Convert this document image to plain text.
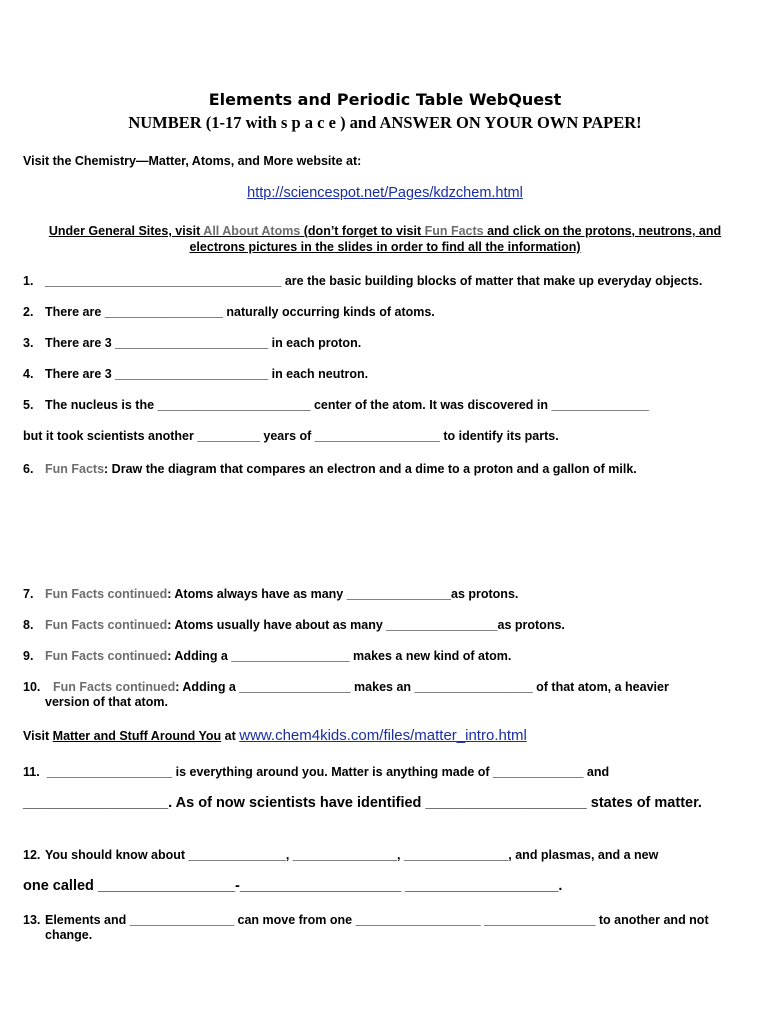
Elements and Periodic Table WebQuest
NUMBER (1-17 with s p a c e ) and ANSWER ON YOUR OWN PAPER!
Visit the Chemistry—Matter, Atoms, and More website at:
http://sciencespot.net/Pages/kdzchem.html
Under General Sites, visit All About Atoms (don’t forget to visit Fun Facts and click on the protons, neutrons, and
electrons pictures in the slides in order to find all the information)
1. __________________________________ are the basic building blocks of matter that make up everyday objects.
2. There are _________________ naturally occurring kinds of atoms.
3. There are 3 ______________________ in each proton.
4. There are 3 ______________________ in each neutron.
5. The nucleus is the ______________________ center of the atom. It was discovered in ______________
but it took scientists another _________ years of __________________ to identify its parts.
6. Fun Facts: Draw the diagram that compares an electron and a dime to a proton and a gallon of milk.
7. Fun Facts continued: Atoms always have as many _______________as protons.
8. Fun Facts continued: Atoms usually have about as many ________________as protons.
9. Fun Facts continued: Adding a _________________ makes a new kind of atom.
10. Fun Facts continued: Adding a ________________ makes an _________________ of that atom, a heavier
version of that atom.
Visit Matter and Stuff Around You at www.chem4kids.com/files/matter_intro.html
11. __________________ is everything around you. Matter is anything made of _____________ and
__________________. As of now scientists have identified ____________________ states of matter.
12. You should know about ______________, _______________, _______________, and plasmas, and a new
one called _________________-____________________ ___________________.
13. Elements and _______________ can move from one __________________ ________________ to another and not
change.
